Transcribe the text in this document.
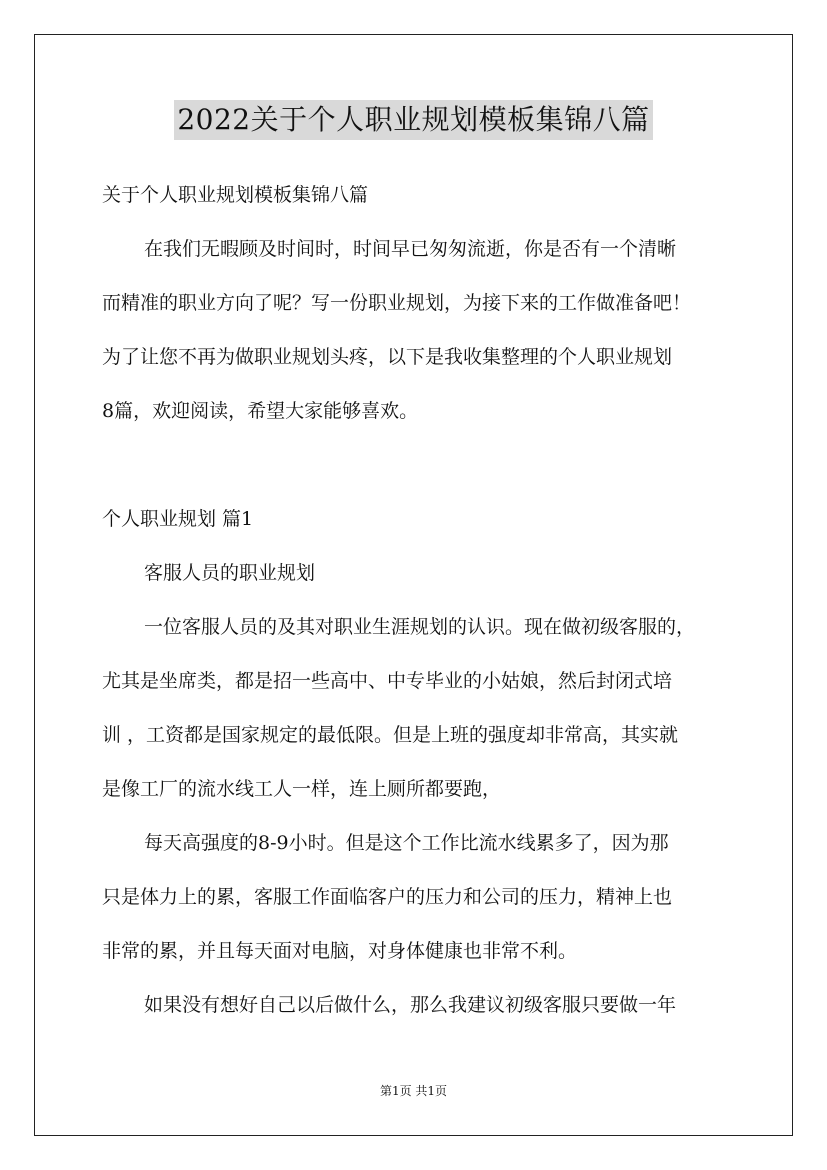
2022关于个人职业规划模板集锦八篇
关于个人职业规划模板集锦八篇
在我们无暇顾及时间时，时间早已匆匆流逝，你是否有一个清晰
而精准的职业方向了呢？写一份职业规划，为接下来的工作做准备吧！
为了让您不再为做职业规划头疼，以下是我收集整理的个人职业规划
8篇，欢迎阅读，希望大家能够喜欢。
个人职业规划 篇1
客服人员的职业规划
一位客服人员的及其对职业生涯规划的认识。现在做初级客服的，
尤其是坐席类，都是招一些高中、中专毕业的小姑娘，然后封闭式培
训 ，工资都是国家规定的最低限。但是上班的强度却非常高，其实就
是像工厂的流水线工人一样，连上厕所都要跑，
每天高强度的8-9小时。但是这个工作比流水线累多了，因为那
只是体力上的累，客服工作面临客户的压力和公司的压力，精神上也
非常的累，并且每天面对电脑，对身体健康也非常不利。
如果没有想好自己以后做什么，那么我建议初级客服只要做一年
第1页 共1页
